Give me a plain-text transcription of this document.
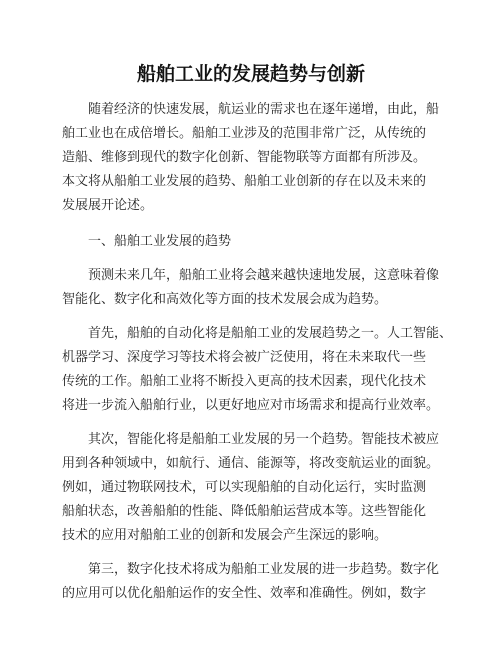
船舶工业的发展趋势与创新
随着经济的快速发展，航运业的需求也在逐年递增，由此，船
舶工业也在成倍增长。船舶工业涉及的范围非常广泛，从传统的
造船、维修到现代的数字化创新、智能物联等方面都有所涉及。
本文将从船舶工业发展的趋势、船舶工业创新的存在以及未来的
发展展开论述。
一、船舶工业发展的趋势
预测未来几年，船舶工业将会越来越快速地发展，这意味着像
智能化、数字化和高效化等方面的技术发展会成为趋势。
首先，船舶的自动化将是船舶工业的发展趋势之一。人工智能、
机器学习、深度学习等技术将会被广泛使用，将在未来取代一些
传统的工作。船舶工业将不断投入更高的技术因素，现代化技术
将进一步流入船舶行业，以更好地应对市场需求和提高行业效率。
其次，智能化将是船舶工业发展的另一个趋势。智能技术被应
用到各种领域中，如航行、通信、能源等，将改变航运业的面貌。
例如，通过物联网技术，可以实现船舶的自动化运行，实时监测
船舶状态，改善船舶的性能、降低船舶运营成本等。这些智能化
技术的应用对船舶工业的创新和发展会产生深远的影响。
第三，数字化技术将成为船舶工业发展的进一步趋势。数字化
的应用可以优化船舶运作的安全性、效率和准确性。例如，数字
